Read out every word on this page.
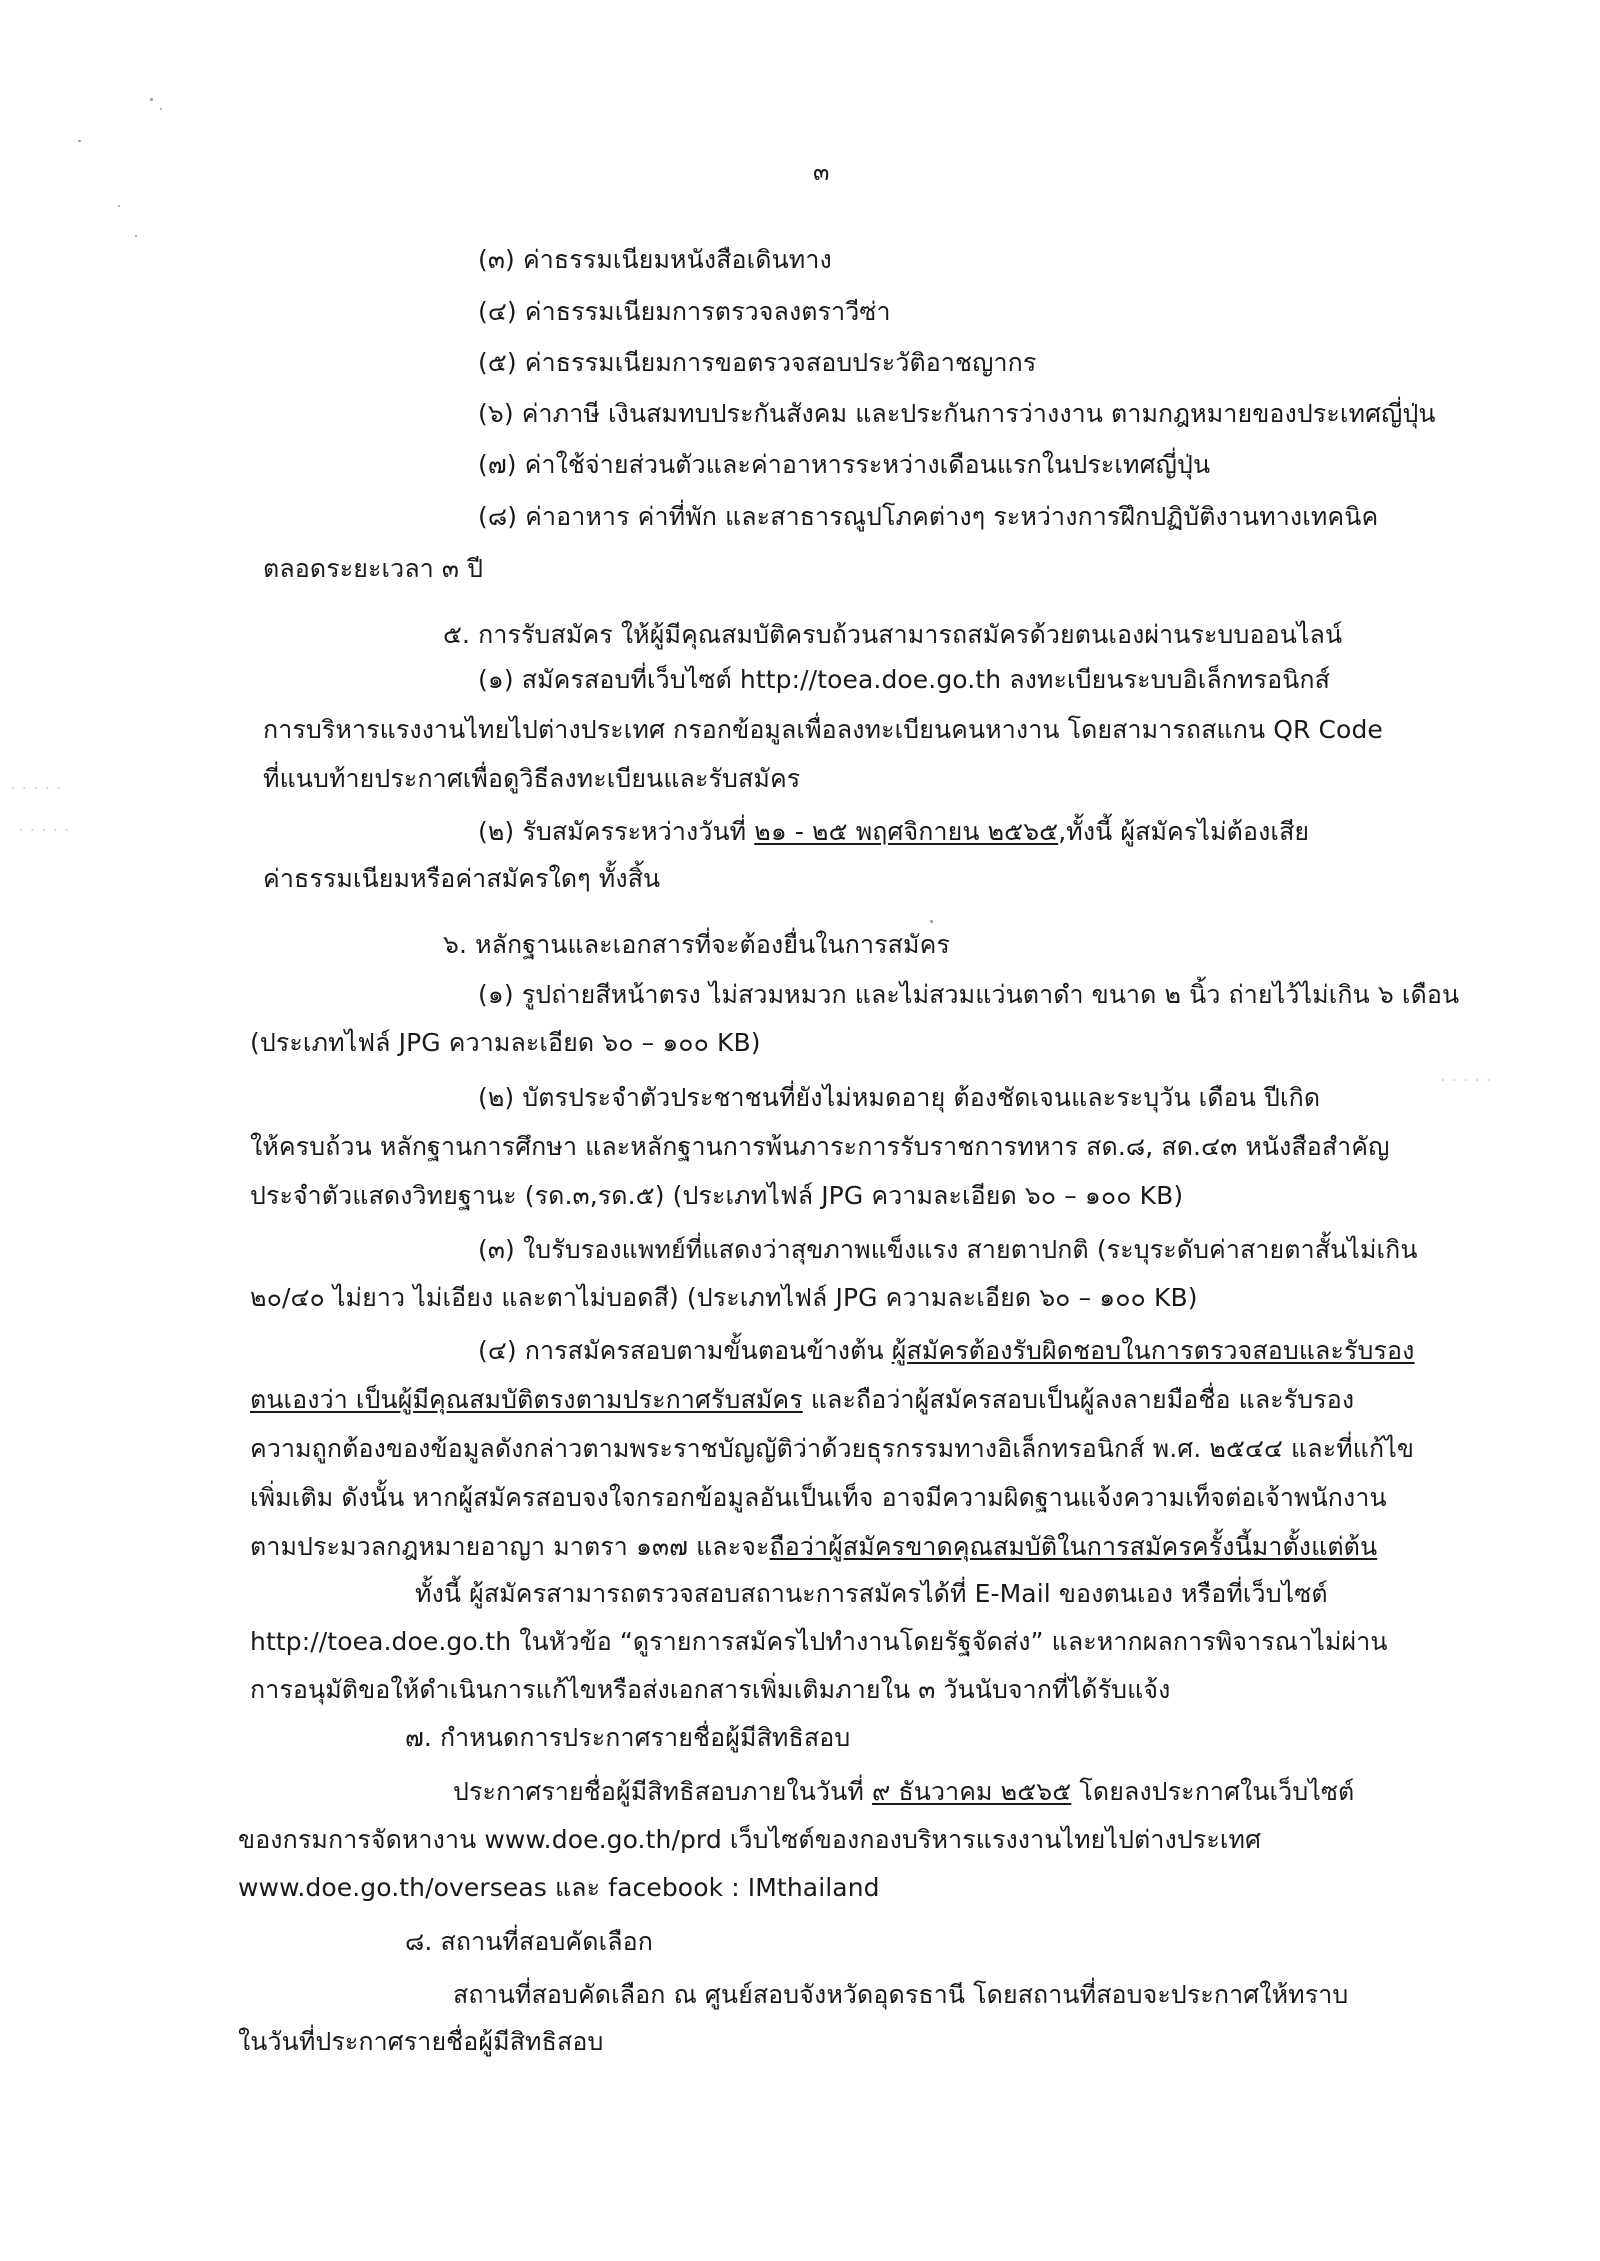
· · · · ·
· · · · ·
· · · · ·
๓
(๓) ค่าธรรมเนียมหนังสือเดินทาง
(๔) ค่าธรรมเนียมการตรวจลงตราวีซ่า
(๕) ค่าธรรมเนียมการขอตรวจสอบประวัติอาชญากร
(๖) ค่าภาษี เงินสมทบประกันสังคม และประกันการว่างงาน ตามกฎหมายของประเทศญี่ปุ่น
(๗) ค่าใช้จ่ายส่วนตัวและค่าอาหารระหว่างเดือนแรกในประเทศญี่ปุ่น
(๘) ค่าอาหาร ค่าที่พัก และสาธารณูปโภคต่างๆ ระหว่างการฝึกปฏิบัติงานทางเทคนิค
ตลอดระยะเวลา ๓ ปี
๕. การรับสมัคร ให้ผู้มีคุณสมบัติครบถ้วนสามารถสมัครด้วยตนเองผ่านระบบออนไลน์
(๑) สมัครสอบที่เว็บไซต์ http://toea.doe.go.th ลงทะเบียนระบบอิเล็กทรอนิกส์
การบริหารแรงงานไทยไปต่างประเทศ กรอกข้อมูลเพื่อลงทะเบียนคนหางาน โดยสามารถสแกน QR Code
ที่แนบท้ายประกาศเพื่อดูวิธีลงทะเบียนและรับสมัคร
(๒) รับสมัครระหว่างวันที่ ๒๑ - ๒๕ พฤศจิกายน ๒๕๖๕,ทั้งนี้ ผู้สมัครไม่ต้องเสีย
ค่าธรรมเนียมหรือค่าสมัครใดๆ ทั้งสิ้น
๖. หลักฐานและเอกสารที่จะต้องยื่นในการสมัคร
(๑) รูปถ่ายสีหน้าตรง ไม่สวมหมวก และไม่สวมแว่นตาดำ ขนาด ๒ นิ้ว ถ่ายไว้ไม่เกิน ๖ เดือน
(ประเภทไฟล์ JPG ความละเอียด ๖๐ – ๑๐๐ KB)
(๒) บัตรประจำตัวประชาชนที่ยังไม่หมดอายุ ต้องชัดเจนและระบุวัน เดือน ปีเกิด
ให้ครบถ้วน หลักฐานการศึกษา และหลักฐานการพ้นภาระการรับราชการทหาร สด.๘, สด.๔๓ หนังสือสำคัญ
ประจำตัวแสดงวิทยฐานะ (รด.๓,รด.๕) (ประเภทไฟล์ JPG ความละเอียด ๖๐ – ๑๐๐ KB)
(๓) ใบรับรองแพทย์ที่แสดงว่าสุขภาพแข็งแรง สายตาปกติ (ระบุระดับค่าสายตาสั้นไม่เกิน
๒๐/๔๐ ไม่ยาว ไม่เอียง และตาไม่บอดสี) (ประเภทไฟล์ JPG ความละเอียด ๖๐ – ๑๐๐ KB)
(๔) การสมัครสอบตามขั้นตอนข้างต้น ผู้สมัครต้องรับผิดชอบในการตรวจสอบและรับรอง
ตนเองว่า เป็นผู้มีคุณสมบัติตรงตามประกาศรับสมัคร และถือว่าผู้สมัครสอบเป็นผู้ลงลายมือชื่อ และรับรอง
ความถูกต้องของข้อมูลดังกล่าวตามพระราชบัญญัติว่าด้วยธุรกรรมทางอิเล็กทรอนิกส์ พ.ศ. ๒๕๔๔ และที่แก้ไข
เพิ่มเติม ดังนั้น หากผู้สมัครสอบจงใจกรอกข้อมูลอันเป็นเท็จ อาจมีความผิดฐานแจ้งความเท็จต่อเจ้าพนักงาน
ตามประมวลกฎหมายอาญา มาตรา ๑๓๗ และจะถือว่าผู้สมัครขาดคุณสมบัติในการสมัครครั้งนี้มาตั้งแต่ต้น
ทั้งนี้ ผู้สมัครสามารถตรวจสอบสถานะการสมัครได้ที่ E-Mail ของตนเอง หรือที่เว็บไซต์
http://toea.doe.go.th ในหัวข้อ “ดูรายการสมัครไปทำงานโดยรัฐจัดส่ง” และหากผลการพิจารณาไม่ผ่าน
การอนุมัติขอให้ดำเนินการแก้ไขหรือส่งเอกสารเพิ่มเติมภายใน ๓ วันนับจากที่ได้รับแจ้ง
๗. กำหนดการประกาศรายชื่อผู้มีสิทธิสอบ
ประกาศรายชื่อผู้มีสิทธิสอบภายในวันที่ ๙ ธันวาคม ๒๕๖๕ โดยลงประกาศในเว็บไซต์
ของกรมการจัดหางาน www.doe.go.th/prd เว็บไซต์ของกองบริหารแรงงานไทยไปต่างประเทศ
www.doe.go.th/overseas และ facebook : IMthailand
๘. สถานที่สอบคัดเลือก
สถานที่สอบคัดเลือก ณ ศูนย์สอบจังหวัดอุดรธานี โดยสถานที่สอบจะประกาศให้ทราบ
ในวันที่ประกาศรายชื่อผู้มีสิทธิสอบ
